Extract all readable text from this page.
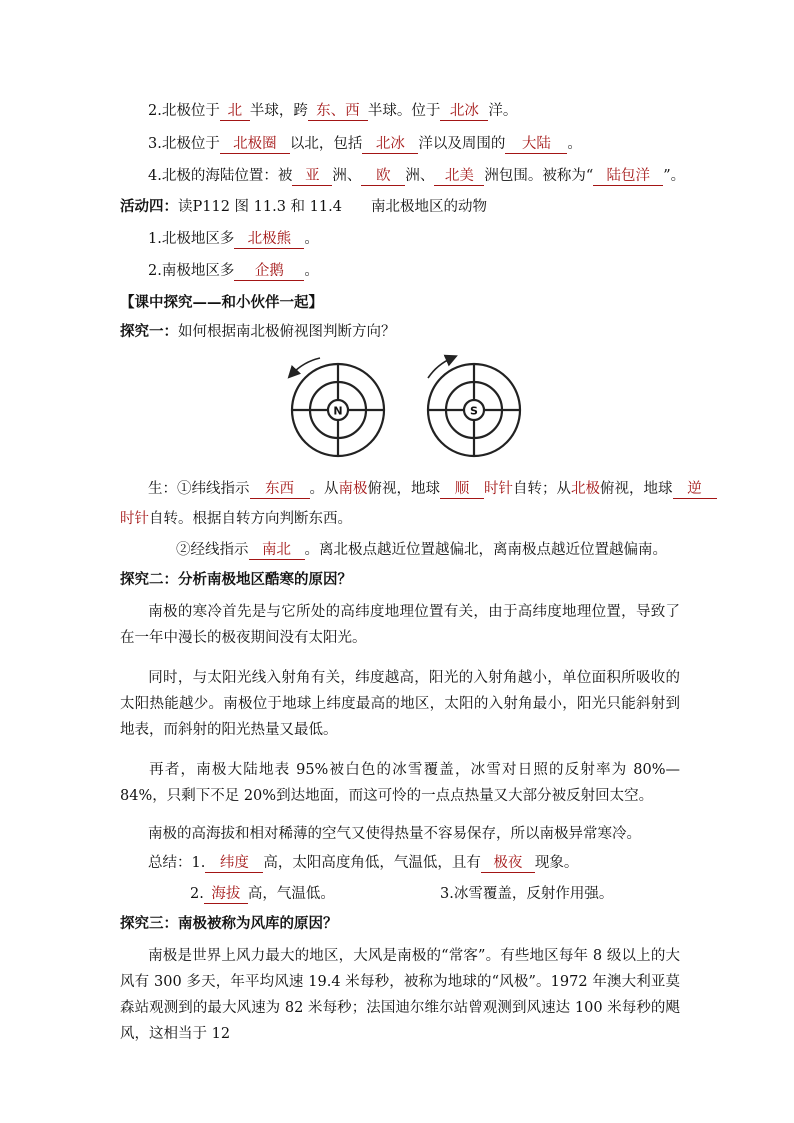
2.北极位于 北 半球，跨 东、西 半球。位于 北冰 洋。
3.北极位于 北极圈 以北，包括 北冰 洋以及周围的 大陆 。
4.北极的海陆位置：被 亚 洲、 欧 洲、 北美 洲包围。被称为“ 陆包洋 ”。
活动四：读P112 图 11.3 和 11.4　　南北极地区的动物
1.北极地区多 北极熊 。
2.南极地区多 企鹅 。
【课中探究——和小伙伴一起】
探究一：如何根据南北极俯视图判断方向？
N	S
生：①纬线指示 东西 。从南极俯视，地球 顺 时针自转；从北极俯视，地球 逆
时针自转。根据自转方向判断东西。
②经线指示 南北 。离北极点越近位置越偏北，离南极点越近位置越偏南。
探究二：分析南极地区酷寒的原因？
南极的寒冷首先是与它所处的高纬度地理位置有关，由于高纬度地理位置，导致了在一年中漫长的极夜期间没有太阳光。
同时，与太阳光线入射角有关，纬度越高，阳光的入射角越小，单位面积所吸收的太阳热能越少。南极位于地球上纬度最高的地区，太阳的入射角最小，阳光只能斜射到地表，而斜射的阳光热量又最低。
再者，南极大陆地表 95%被白色的冰雪覆盖，冰雪对日照的反射率为 80%— 84%，只剩下不足 20%到达地面，而这可怜的一点点热量又大部分被反射回太空。
南极的高海拔和相对稀薄的空气又使得热量不容易保存，所以南极异常寒冷。
总结：1. 纬度 高，太阳高度角低，气温低，且有 极夜 现象。
2. 海拔 高，气温低。	3.冰雪覆盖，反射作用强。
探究三：南极被称为风库的原因？
南极是世界上风力最大的地区，大风是南极的“常客”。有些地区每年 8 级以上的大风有 300 多天，年平均风速 19.4 米每秒，被称为地球的“风极”。1972 年澳大利亚莫森站观测到的最大风速为 82 米每秒；法国迪尔维尔站曾观测到风速达 100 米每秒的飓风，这相当于 12
